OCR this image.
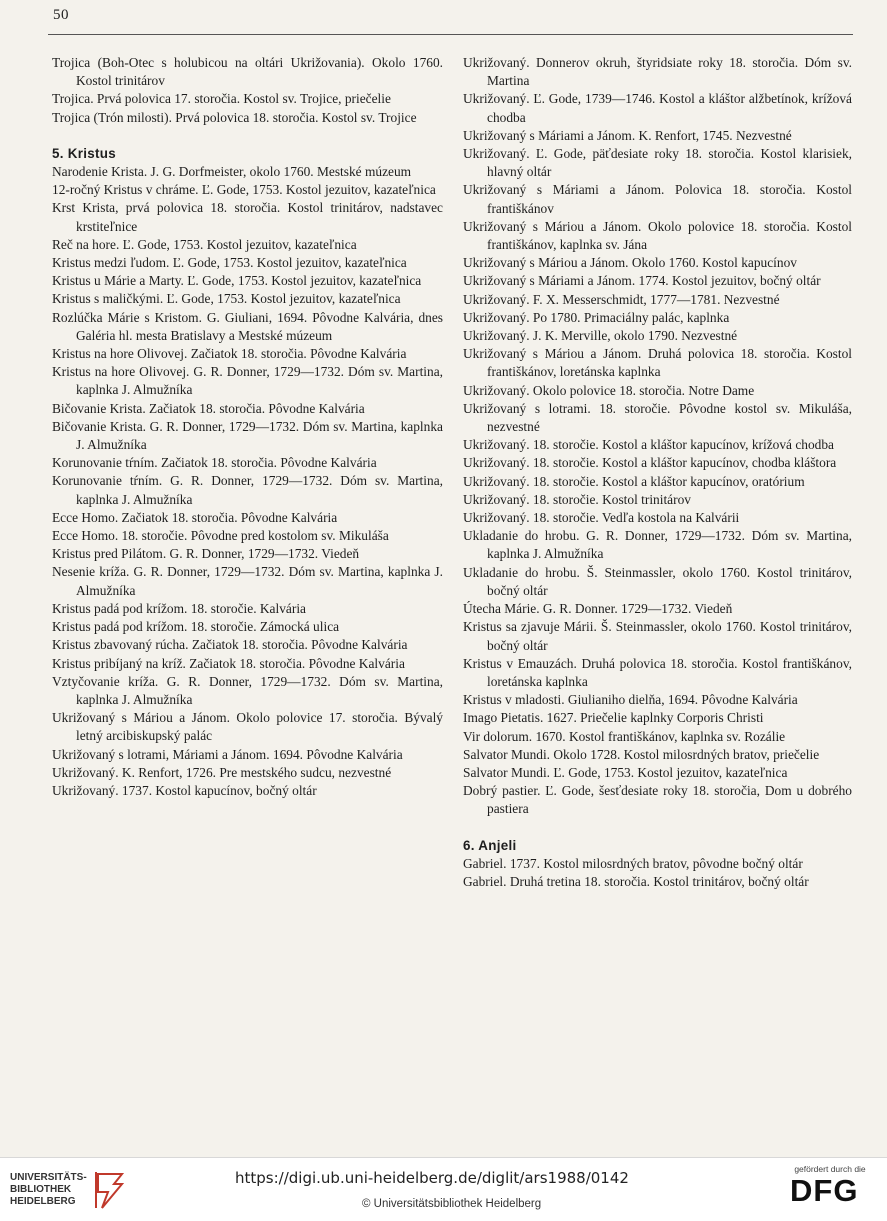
50
Trojica (Boh-Otec s holubicou na oltári Ukrižovania). Okolo 1760. Kostol trinitárov
Trojica. Prvá polovica 17. storočia. Kostol sv. Trojice, priečelie
Trojica (Trón milosti). Prvá polovica 18. storočia. Kostol sv. Trojice
5. Kristus
Narodenie Krista. J. G. Dorfmeister, okolo 1760. Mestské múzeum
12-ročný Kristus v chráme. Ľ. Gode, 1753. Kostol jezuitov, kazateľnica
Krst Krista, prvá polovica 18. storočia. Kostol trinitárov, nadstavec krstiteľnice
Reč na hore. Ľ. Gode, 1753. Kostol jezuitov, kazateľnica
Kristus medzi ľudom. Ľ. Gode, 1753. Kostol jezuitov, kazateľnica
Kristus u Márie a Marty. Ľ. Gode, 1753. Kostol jezuitov, kazateľnica
Kristus s maličkými. Ľ. Gode, 1753. Kostol jezuitov, kazateľnica
Rozlúčka Márie s Kristom. G. Giuliani, 1694. Pôvodne Kalvária, dnes Galéria hl. mesta Bratislavy a Mestské múzeum
Kristus na hore Olivovej. Začiatok 18. storočia. Pôvodne Kalvária
Kristus na hore Olivovej. G. R. Donner, 1729—1732. Dóm sv. Martina, kaplnka J. Almužníka
Bičovanie Krista. Začiatok 18. storočia. Pôvodne Kalvária
Bičovanie Krista. G. R. Donner, 1729—1732. Dóm sv. Martina, kaplnka J. Almužníka
Korunovanie tŕním. Začiatok 18. storočia. Pôvodne Kalvária
Korunovanie tŕním. G. R. Donner, 1729—1732. Dóm sv. Martina, kaplnka J. Almužníka
Ecce Homo. Začiatok 18. storočia. Pôvodne Kalvária
Ecce Homo. 18. storočie. Pôvodne pred kostolom sv. Mikuláša
Kristus pred Pilátom. G. R. Donner, 1729—1732. Viedeň
Nesenie kríža. G. R. Donner, 1729—1732. Dóm sv. Martina, kaplnka J. Almužníka
Kristus padá pod krížom. 18. storočie. Kalvária
Kristus padá pod krížom. 18. storočie. Zámocká ulica
Kristus zbavovaný rúcha. Začiatok 18. storočia. Pôvodne Kalvária
Kristus pribíjaný na kríž. Začiatok 18. storočia. Pôvodne Kalvária
Vztyčovanie kríža. G. R. Donner, 1729—1732. Dóm sv. Martina, kaplnka J. Almužníka
Ukrižovaný s Máriou a Jánom. Okolo polovice 17. storočia. Bývalý letný arcibiskupský palác
Ukrižovaný s lotrami, Máriami a Jánom. 1694. Pôvodne Kalvária
Ukrižovaný. K. Renfort, 1726. Pre mestského sudcu, nezvestné
Ukrižovaný. 1737. Kostol kapucínov, bočný oltár
Ukrižovaný. Donnerov okruh, štyridsiate roky 18. storočia. Dóm sv. Martina
Ukrižovaný. Ľ. Gode, 1739—1746. Kostol a kláštor alžbetínok, krížová chodba
Ukrižovaný s Máriami a Jánom. K. Renfort, 1745. Nezvestné
Ukrižovaný. Ľ. Gode, päťdesiate roky 18. storočia. Kostol klarisiek, hlavný oltár
Ukrižovaný s Máriami a Jánom. Polovica 18. storočia. Kostol františkánov
Ukrižovaný s Máriou a Jánom. Okolo polovice 18. storočia. Kostol františkánov, kaplnka sv. Jána
Ukrižovaný s Máriou a Jánom. Okolo 1760. Kostol kapucínov
Ukrižovaný s Máriami a Jánom. 1774. Kostol jezuitov, bočný oltár
Ukrižovaný. F. X. Messerschmidt, 1777—1781. Nezvestné
Ukrižovaný. Po 1780. Primaciálny palác, kaplnka
Ukrižovaný. J. K. Merville, okolo 1790. Nezvestné
Ukrižovaný s Máriou a Jánom. Druhá polovica 18. storočia. Kostol františkánov, loretánska kaplnka
Ukrižovaný. Okolo polovice 18. storočia. Notre Dame
Ukrižovaný s lotrami. 18. storočie. Pôvodne kostol sv. Mikuláša, nezvestné
Ukrižovaný. 18. storočie. Kostol a kláštor kapucínov, krížová chodba
Ukrižovaný. 18. storočie. Kostol a kláštor kapucínov, chodba kláštora
Ukrižovaný. 18. storočie. Kostol a kláštor kapucínov, oratórium
Ukrižovaný. 18. storočie. Kostol trinitárov
Ukrižovaný. 18. storočie. Vedľa kostola na Kalvárii
Ukladanie do hrobu. G. R. Donner, 1729—1732. Dóm sv. Martina, kaplnka J. Almužníka
Ukladanie do hrobu. Š. Steinmassler, okolo 1760. Kostol trinitárov, bočný oltár
Útecha Márie. G. R. Donner. 1729—1732. Viedeň
Kristus sa zjavuje Márii. Š. Steinmassler, okolo 1760. Kostol trinitárov, bočný oltár
Kristus v Emauzách. Druhá polovica 18. storočia. Kostol františkánov, loretánska kaplnka
Kristus v mladosti. Giulianiho dielňa, 1694. Pôvodne Kalvária
Imago Pietatis. 1627. Priečelie kaplnky Corporis Christi
Vir dolorum. 1670. Kostol františkánov, kaplnka sv. Rozálie
Salvator Mundi. Okolo 1728. Kostol milosrdných bratov, priečelie
Salvator Mundi. Ľ. Gode, 1753. Kostol jezuitov, kazateľnica
Dobrý pastier. Ľ. Gode, šesťdesiate roky 18. storočia, Dom u dobrého pastiera
6. Anjeli
Gabriel. 1737. Kostol milosrdných bratov, pôvodne bočný oltár
Gabriel. Druhá tretina 18. storočia. Kostol trinitárov, bočný oltár
UNIVERSITÄTS-
BIBLIOTHEK
HEIDELBERG
https://digi.ub.uni-heidelberg.de/diglit/ars1988/0142
© Universitätsbibliothek Heidelberg
gefördert durch die
DFG
